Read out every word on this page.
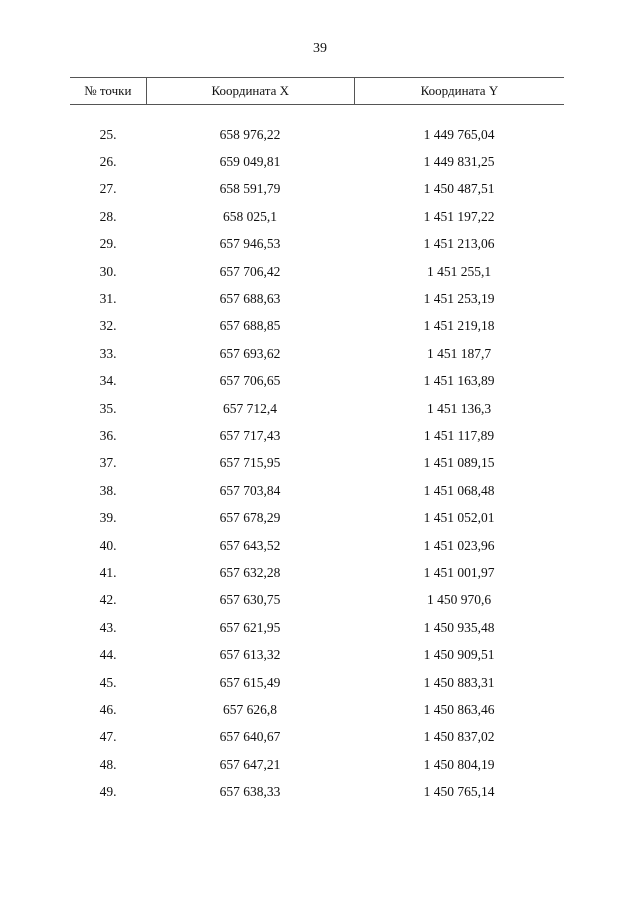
39
№ точки	Координата X	Координата Y
25.	658 976,22	1 449 765,04
26.	659 049,81	1 449 831,25
27.	658 591,79	1 450 487,51
28.	658 025,1	1 451 197,22
29.	657 946,53	1 451 213,06
30.	657 706,42	1 451 255,1
31.	657 688,63	1 451 253,19
32.	657 688,85	1 451 219,18
33.	657 693,62	1 451 187,7
34.	657 706,65	1 451 163,89
35.	657 712,4	1 451 136,3
36.	657 717,43	1 451 117,89
37.	657 715,95	1 451 089,15
38.	657 703,84	1 451 068,48
39.	657 678,29	1 451 052,01
40.	657 643,52	1 451 023,96
41.	657 632,28	1 451 001,97
42.	657 630,75	1 450 970,6
43.	657 621,95	1 450 935,48
44.	657 613,32	1 450 909,51
45.	657 615,49	1 450 883,31
46.	657 626,8	1 450 863,46
47.	657 640,67	1 450 837,02
48.	657 647,21	1 450 804,19
49.	657 638,33	1 450 765,14
